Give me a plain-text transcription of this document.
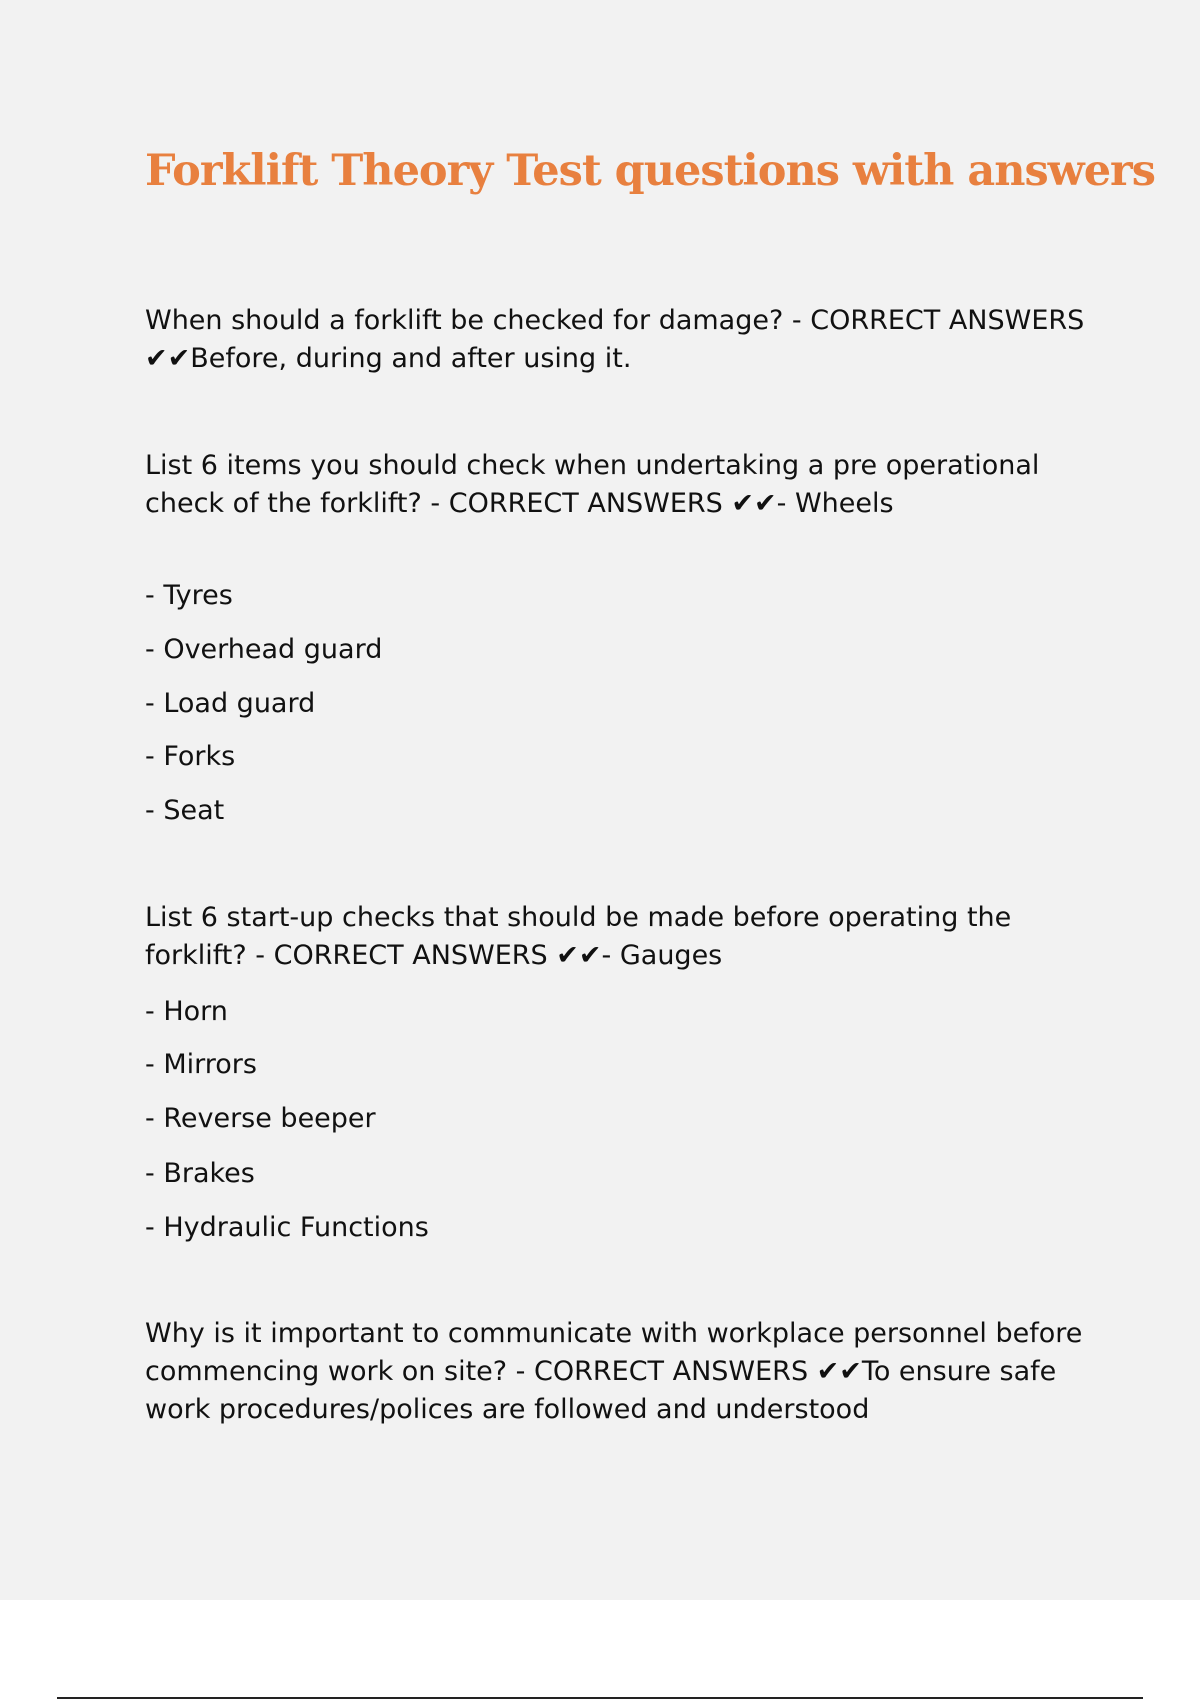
Forklift Theory Test questions with answers

When should a forklift be checked for damage? - CORRECT ANSWERS ✔✔Before, during and after using it.

List 6 items you should check when undertaking a pre operational check of the forklift? - CORRECT ANSWERS ✔✔- Wheels

- Tyres

- Overhead guard

- Load guard

- Forks

- Seat

List 6 start-up checks that should be made before operating the forklift? - CORRECT ANSWERS ✔✔- Gauges

- Horn

- Mirrors

- Reverse beeper

- Brakes

- Hydraulic Functions

Why is it important to communicate with workplace personnel before commencing work on site? - CORRECT ANSWERS ✔✔To ensure safe work procedures/polices are followed and understood
